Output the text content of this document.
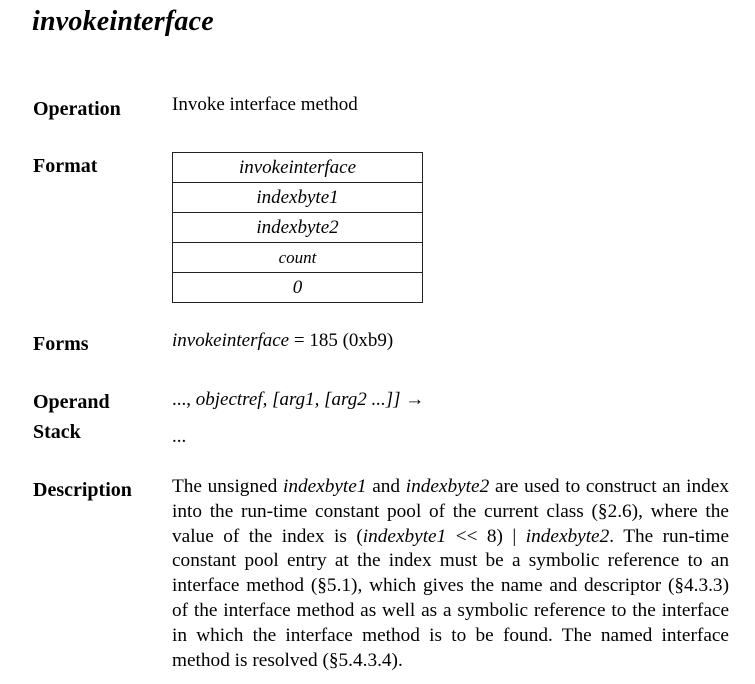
invokeinterface
Operation	Invoke interface method
Format	invokeinterface
indexbyte1
indexbyte2
count
0
Forms	invokeinterface = 185 (0xb9)
Operand
Stack
..., objectref, [arg1, [arg2 ...]] →
...
Description The unsigned indexbyte1 and indexbyte2 are used to construct an index into the run-time constant pool of the current class (§2.6), where the value of the index is (indexbyte1 << 8) | indexbyte2. The run-time constant pool entry at the index must be a symbolic reference to an interface method (§5.1), which gives the name and descriptor (§4.3.3) of the interface method as well as a symbolic reference to the interface in which the interface method is to be found. The named interface method is resolved (§5.4.3.4).
